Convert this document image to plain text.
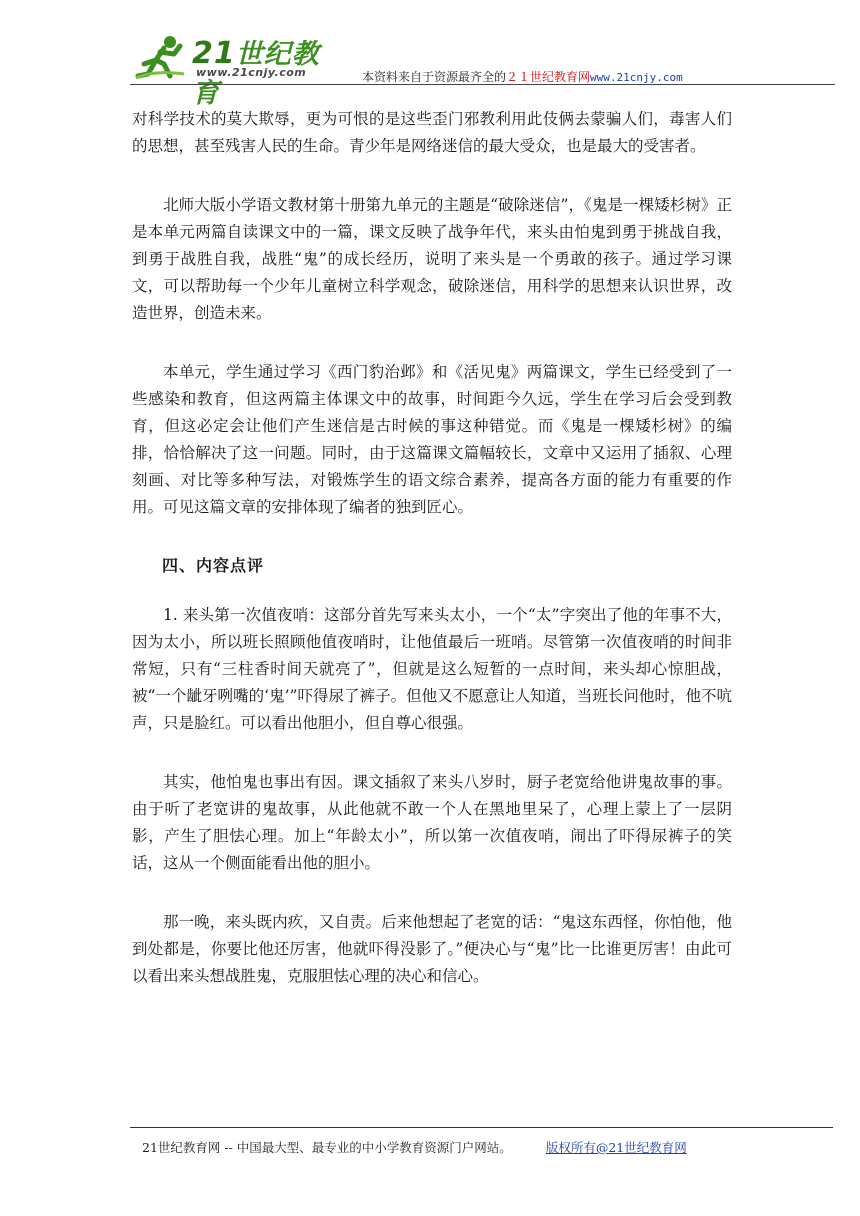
21世纪教育
www.21cnjy.com	本资料来自于资源最齐全的２１世纪教育网www.21cnjy.com

对科学技术的莫大欺辱，更为可恨的是这些歪门邪教利用此伎俩去蒙骗人们，毒害人们的思想，甚至残害人民的生命。青少年是网络迷信的最大受众，也是最大的受害者。

北师大版小学语文教材第十册第九单元的主题是“破除迷信”，《鬼是一棵矮杉树》正是本单元两篇自读课文中的一篇，课文反映了战争年代，来头由怕鬼到勇于挑战自我，到勇于战胜自我，战胜“鬼”的成长经历，说明了来头是一个勇敢的孩子。通过学习课文，可以帮助每一个少年儿童树立科学观念，破除迷信，用科学的思想来认识世界，改造世界，创造未来。

本单元，学生通过学习《西门豹治邺》和《活见鬼》两篇课文，学生已经受到了一些感染和教育，但这两篇主体课文中的故事，时间距今久远，学生在学习后会受到教育，但这必定会让他们产生迷信是古时候的事这种错觉。而《鬼是一棵矮杉树》的编排，恰恰解决了这一问题。同时，由于这篇课文篇幅较长，文章中又运用了插叙、心理刻画、对比等多种写法，对锻炼学生的语文综合素养，提高各方面的能力有重要的作用。可见这篇文章的安排体现了编者的独到匠心。

四、内容点评

1. 来头第一次值夜哨：这部分首先写来头太小，一个“太”字突出了他的年事不大，因为太小，所以班长照顾他值夜哨时，让他值最后一班哨。尽管第一次值夜哨的时间非常短，只有“三柱香时间天就亮了”，但就是这么短暂的一点时间，来头却心惊胆战，被“一个龇牙咧嘴的‘鬼’”吓得尿了裤子。但他又不愿意让人知道，当班长问他时，他不吭声，只是脸红。可以看出他胆小，但自尊心很强。

其实，他怕鬼也事出有因。课文插叙了来头八岁时，厨子老宽给他讲鬼故事的事。由于听了老宽讲的鬼故事，从此他就不敢一个人在黑地里呆了，心理上蒙上了一层阴影，产生了胆怯心理。加上“年龄太小”，所以第一次值夜哨，闹出了吓得尿裤子的笑话，这从一个侧面能看出他的胆小。

那一晚，来头既内疚，又自责。后来他想起了老宽的话：“鬼这东西怪，你怕他，他到处都是，你要比他还厉害，他就吓得没影了。”便决心与“鬼”比一比谁更厉害！由此可以看出来头想战胜鬼，克服胆怯心理的决心和信心。

21世纪教育网 -- 中国最大型、最专业的中小学教育资源门户网站。	版权所有@21世纪教育网
